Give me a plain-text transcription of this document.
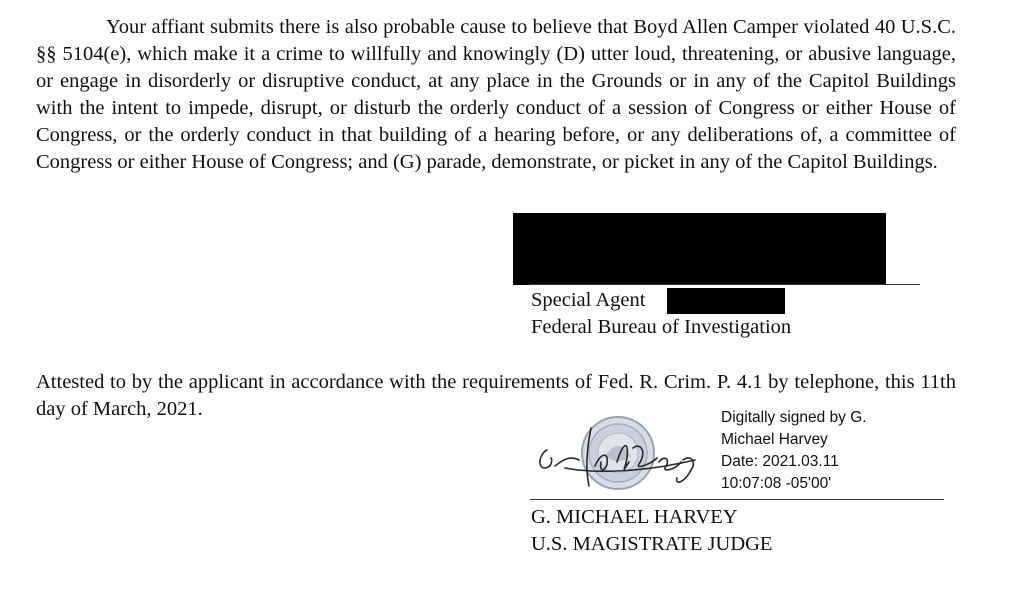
Your affiant submits there is also probable cause to believe that Boyd Allen Camper violated 40 U.S.C. §§ 5104(e), which make it a crime to willfully and knowingly (D) utter loud, threatening, or abusive language, or engage in disorderly or disruptive conduct, at any place in the Grounds or in any of the Capitol Buildings with the intent to impede, disrupt, or disturb the orderly conduct of a session of Congress or either House of Congress, or the orderly conduct in that building of a hearing before, or any deliberations of, a committee of Congress or either House of Congress; and (G) parade, demonstrate, or picket in any of the Capitol Buildings.

Special Agent
Federal Bureau of Investigation

Attested to by the applicant in accordance with the requirements of Fed. R. Crim. P. 4.1 by telephone, this 11th day of March, 2021.	Digitally signed by G.
Michael Harvey
Date: 2021.03.11
10:07:08 -05'00'
G. MICHAEL HARVEY
U.S. MAGISTRATE JUDGE
